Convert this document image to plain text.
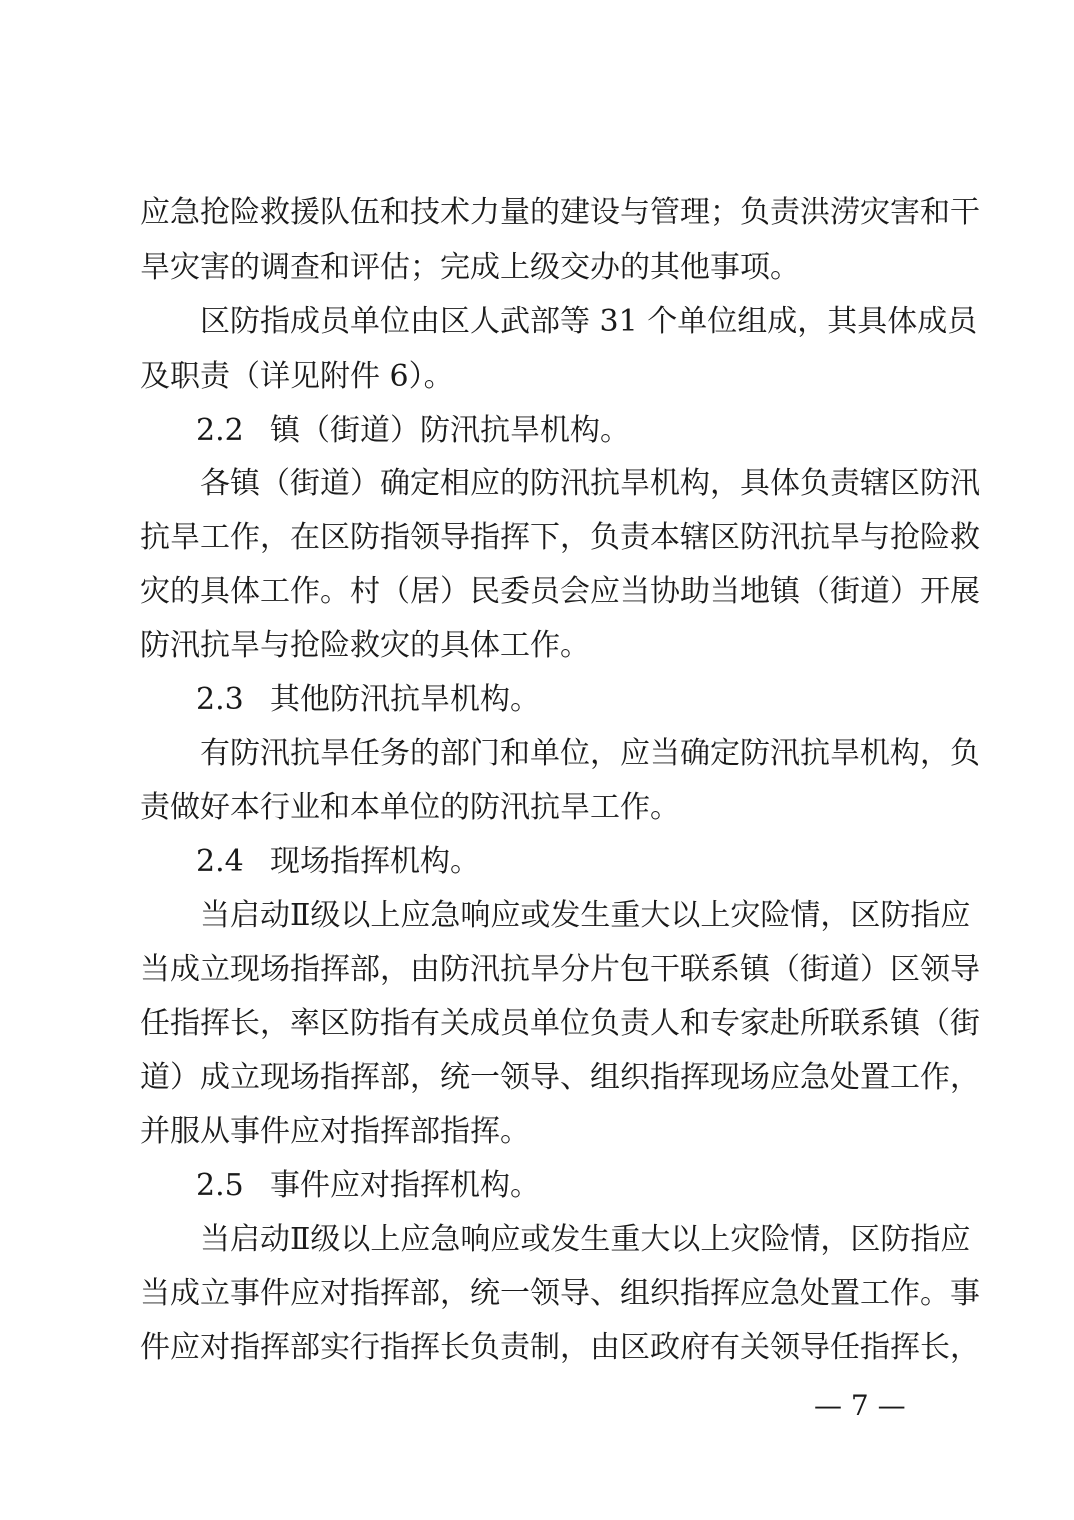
应急抢险救援队伍和技术力量的建设与管理；负责洪涝灾害和干
旱灾害的调查和评估；完成上级交办的其他事项。
区防指成员单位由区人武部等 31 个单位组成，其具体成员
及职责（详见附件 6）。
2.2 镇（街道）防汛抗旱机构。
各镇（街道）确定相应的防汛抗旱机构，具体负责辖区防汛
抗旱工作，在区防指领导指挥下，负责本辖区防汛抗旱与抢险救
灾的具体工作。村（居）民委员会应当协助当地镇（街道）开展
防汛抗旱与抢险救灾的具体工作。
2.3 其他防汛抗旱机构。
有防汛抗旱任务的部门和单位，应当确定防汛抗旱机构，负
责做好本行业和本单位的防汛抗旱工作。
2.4 现场指挥机构。
当启动Ⅱ级以上应急响应或发生重大以上灾险情，区防指应
当成立现场指挥部，由防汛抗旱分片包干联系镇（街道）区领导
任指挥长，率区防指有关成员单位负责人和专家赴所联系镇（街
道）成立现场指挥部，统一领导、组织指挥现场应急处置工作，
并服从事件应对指挥部指挥。
2.5 事件应对指挥机构。
当启动Ⅱ级以上应急响应或发生重大以上灾险情，区防指应
当成立事件应对指挥部，统一领导、组织指挥应急处置工作。事
件应对指挥部实行指挥长负责制，由区政府有关领导任指挥长，
— 7 —
